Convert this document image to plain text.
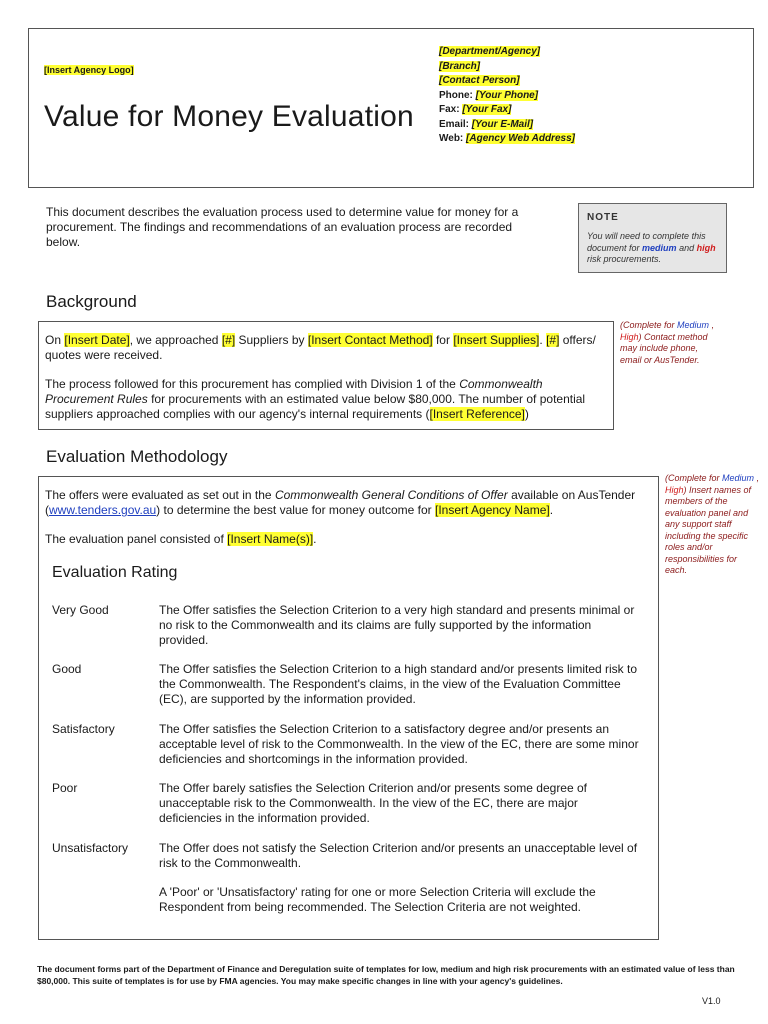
[Insert Agency Logo]
Value for Money Evaluation
[Department/Agency]
[Branch]
[Contact Person]
Phone: [Your Phone]
Fax: [Your Fax]
Email: [Your E-Mail]
Web: [Agency Web Address]
This document describes the evaluation process used to determine value for money for a procurement. The findings and recommendations of an evaluation process are recorded below.
NOTE
You will need to complete this document for medium and high risk procurements.
Background
On [Insert Date], we approached [#] Suppliers by [Insert Contact Method] for [Insert Supplies]. [#] offers/ quotes were received.
The process followed for this procurement has complied with Division 1 of the Commonwealth Procurement Rules for procurements with an estimated value below $80,000. The number of potential suppliers approached complies with our agency's internal requirements ([Insert Reference])
(Complete for Medium , High) Contact method may include phone, email or AusTender.
Evaluation Methodology
The offers were evaluated as set out in the Commonwealth General Conditions of Offer available on AusTender (www.tenders.gov.au) to determine the best value for money outcome for [Insert Agency Name].
The evaluation panel consisted of [Insert Name(s)].
(Complete for Medium , High) Insert names of members of the evaluation panel and any support staff including the specific roles and/or responsibilities for each.
Evaluation Rating
Very Good	The Offer satisfies the Selection Criterion to a very high standard and presents minimal or no risk to the Commonwealth and its claims are fully supported by the information provided.
Good	The Offer satisfies the Selection Criterion to a high standard and/or presents limited risk to the Commonwealth. The Respondent's claims, in the view of the Evaluation Committee (EC), are supported by the information provided.
Satisfactory	The Offer satisfies the Selection Criterion to a satisfactory degree and/or presents an acceptable level of risk to the Commonwealth. In the view of the EC, there are some minor deficiencies and shortcomings in the information provided.
Poor	The Offer barely satisfies the Selection Criterion and/or presents some degree of unacceptable risk to the Commonwealth. In the view of the EC, there are major deficiencies in the information provided.
Unsatisfactory	The Offer does not satisfy the Selection Criterion and/or presents an unacceptable level of risk to the Commonwealth.
A 'Poor' or 'Unsatisfactory' rating for one or more Selection Criteria will exclude the Respondent from being recommended. The Selection Criteria are not weighted.
The document forms part of the Department of Finance and Deregulation suite of templates for low, medium and high risk procurements with an estimated value of less than $80,000. This suite of templates is for use by FMA agencies. You may make specific changes in line with your agency's guidelines.
V1.0
